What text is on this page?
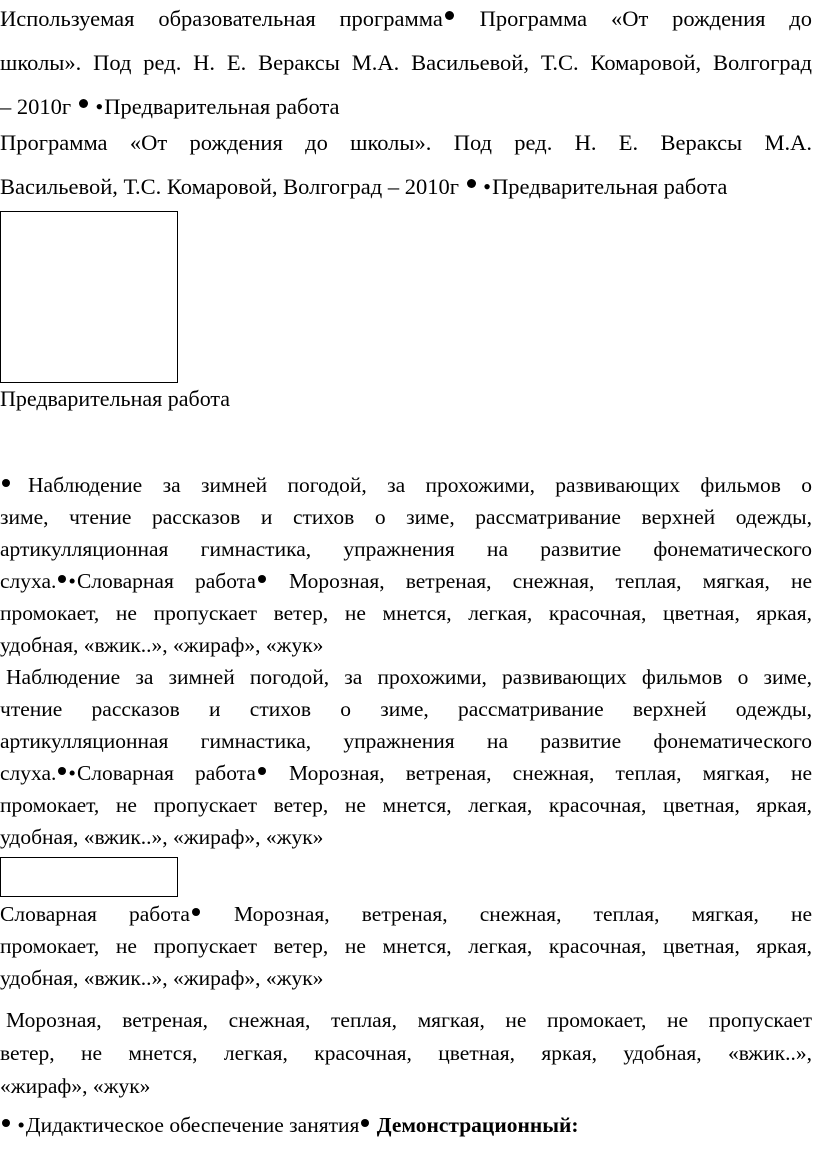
Используемая образовательная программа Программа «От рождения до
школы». Под ред. Н. Е. Вераксы М.А. Васильевой, Т.С. Комаровой, Волгоград
– 2010г •Предварительная работа
Программа «От рождения до школы». Под ред. Н. Е. Вераксы М.А.
Васильевой, Т.С. Комаровой, Волгоград – 2010г •Предварительная работа
Предварительная работа
Наблюдение за зимней погодой, за прохожими, развивающих фильмов о
зиме, чтение рассказов и стихов о зиме, рассматривание верхней одежды,
артикулляционная гимнастика, упражнения на развитие фонематического
слуха. •Словарная работа Морозная, ветреная, снежная, теплая, мягкая, не
промокает, не пропускает ветер, не мнется, легкая, красочная, цветная, яркая,
удобная, «вжик..», «жираф», «жук»
Наблюдение за зимней погодой, за прохожими, развивающих фильмов о зиме,
чтение рассказов и стихов о зиме, рассматривание верхней одежды,
артикулляционная гимнастика, упражнения на развитие фонематического
слуха. •Словарная работа Морозная, ветреная, снежная, теплая, мягкая, не
промокает, не пропускает ветер, не мнется, легкая, красочная, цветная, яркая,
удобная, «вжик..», «жираф», «жук»
Словарная работа Морозная, ветреная, снежная, теплая, мягкая, не
промокает, не пропускает ветер, не мнется, легкая, красочная, цветная, яркая,
удобная, «вжик..», «жираф», «жук»
Морозная, ветреная, снежная, теплая, мягкая, не промокает, не пропускает
ветер, не мнется, легкая, красочная, цветная, яркая, удобная, «вжик..»,
«жираф», «жук»
•Дидактическое обеспечение занятия Демонстрационный:
